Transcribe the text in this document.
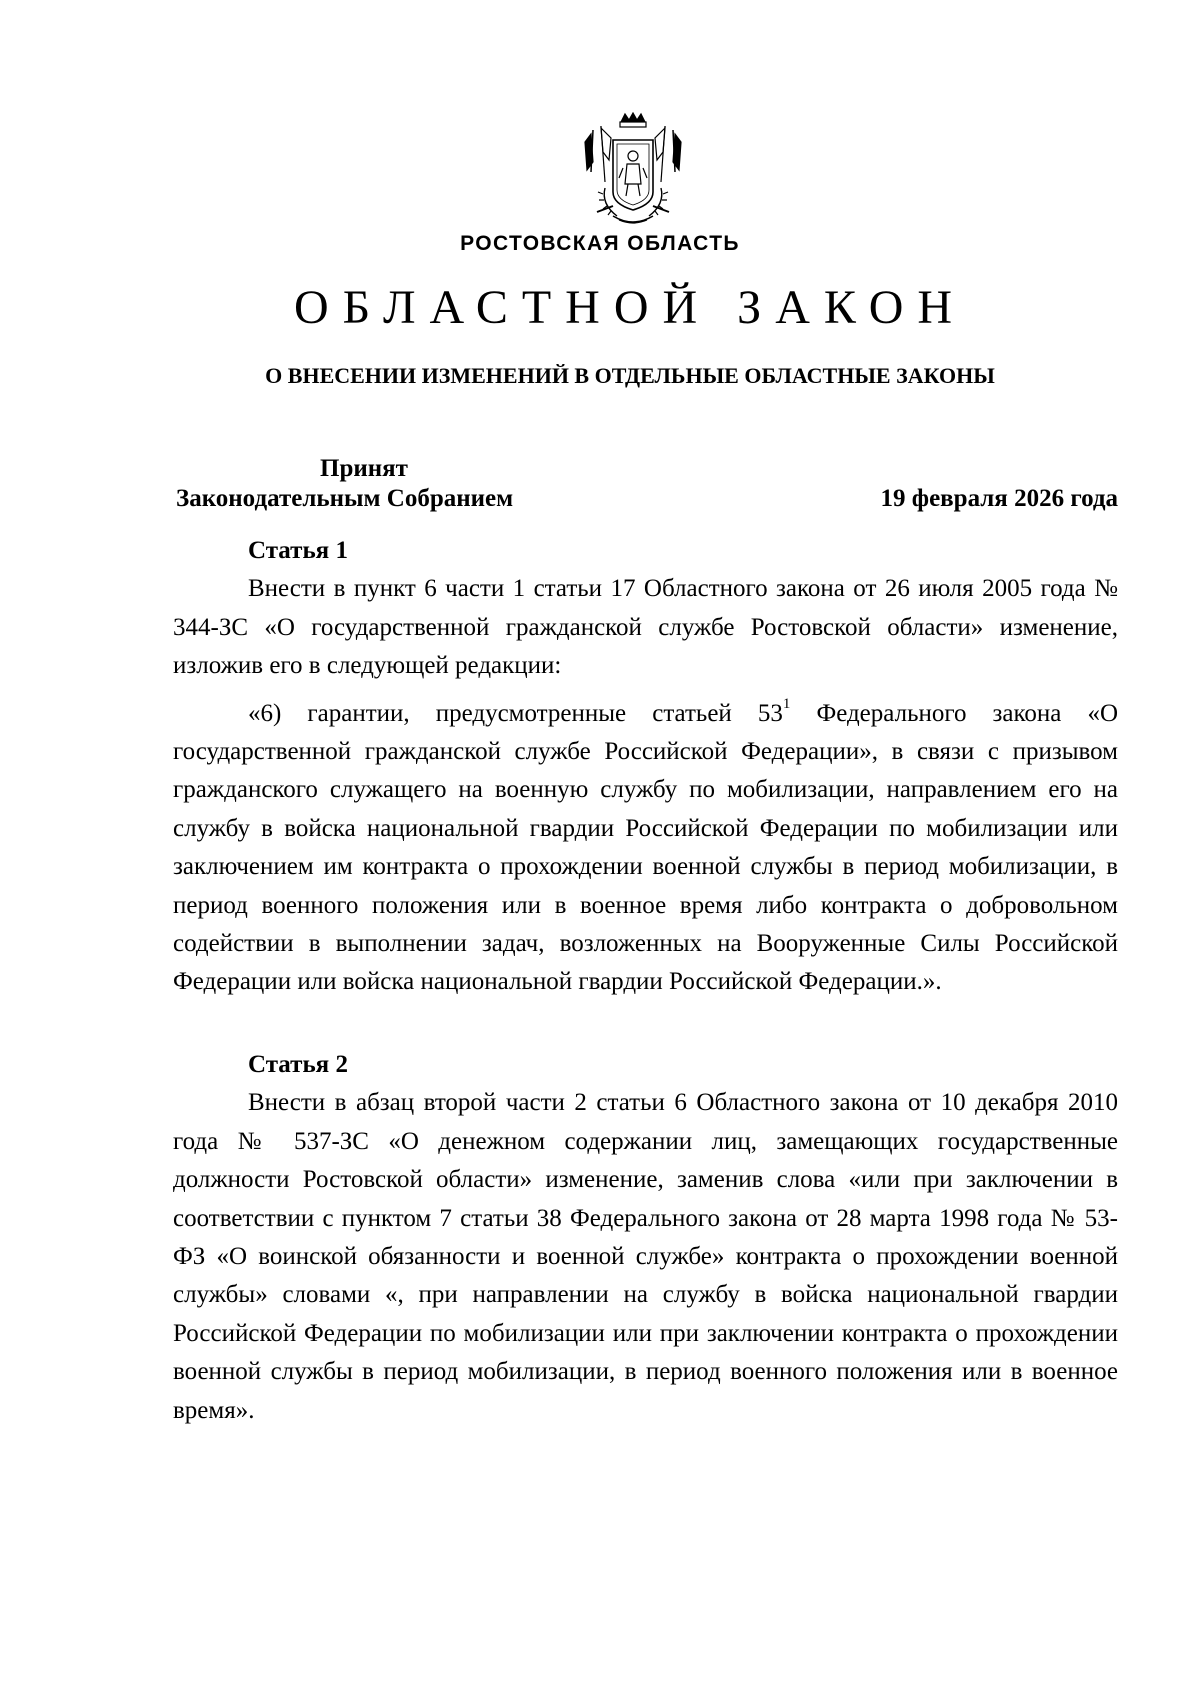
РОСТОВСКАЯ ОБЛАСТЬ
ОБЛАСТНОЙ ЗАКОН
О ВНЕСЕНИИ ИЗМЕНЕНИЙ В ОТДЕЛЬНЫЕ ОБЛАСТНЫЕ ЗАКОНЫ
Принят
Законодательным Собранием	19 февраля 2026 года

Статья 1

Внести в пункт 6 части 1 статьи 17 Областного закона от 26 июля 2005 года № 344-ЗС «О государственной гражданской службе Ростовской области» изменение, изложив его в следующей редакции:

«6) гарантии, предусмотренные статьей $53^1$ Федерального закона «О государственной гражданской службе Российской Федерации», в связи с призывом гражданского служащего на военную службу по мобилизации, направлением его на службу в войска национальной гвардии Российской Федерации по мобилизации или заключением им контракта о прохождении военной службы в период мобилизации, в период военного положения или в военное время либо контракта о добровольном содействии в выполнении задач, возложенных на Вооруженные Силы Российской Федерации или войска национальной гвардии Российской Федерации.».

Статья 2

Внести в абзац второй части 2 статьи 6 Областного закона от 10 декабря 2010 года № 537-ЗС «О денежном содержании лиц, замещающих государственные должности Ростовской области» изменение, заменив слова «или при заключении в соответствии с пунктом 7 статьи 38 Федерального закона от 28 марта 1998 года № 53-ФЗ «О воинской обязанности и военной службе» контракта о прохождении военной службы» словами «, при направлении на службу в войска национальной гвардии Российской Федерации по мобилизации или при заключении контракта о прохождении военной службы в период мобилизации, в период военного положения или в военное время».
